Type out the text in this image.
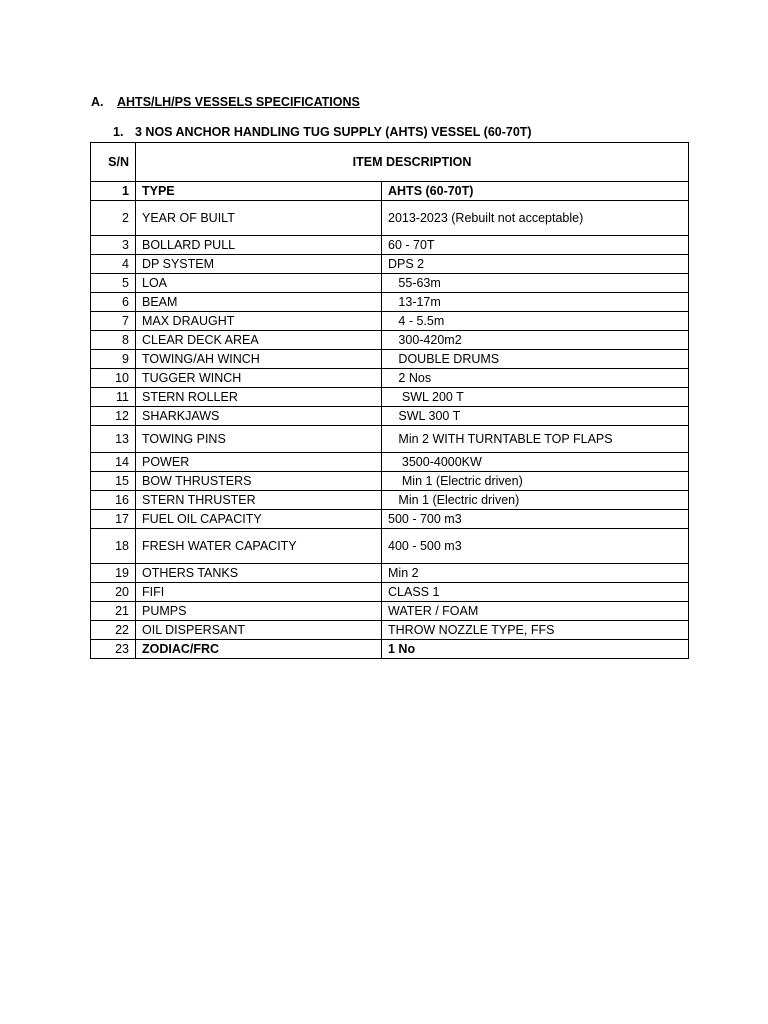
A. AHTS/LH/PS VESSELS SPECIFICATIONS
1. 3 NOS ANCHOR HANDLING TUG SUPPLY (AHTS) VESSEL (60-70T)
S/N	ITEM DESCRIPTION	
1	TYPE	AHTS (60-70T)
2	YEAR OF BUILT	2013-2023 (Rebuilt not acceptable)
3	BOLLARD PULL	60 - 70T
4	DP SYSTEM	DPS 2
5	LOA	55-63m
6	BEAM	13-17m
7	MAX DRAUGHT	4 - 5.5m
8	CLEAR DECK AREA	300-420m2
9	TOWING/AH WINCH	DOUBLE DRUMS
10	TUGGER WINCH	2 Nos
11	STERN ROLLER	SWL 200 T
12	SHARKJAWS	SWL 300 T
13	TOWING PINS	Min 2 WITH TURNTABLE TOP FLAPS
14	POWER	3500-4000KW
15	BOW THRUSTERS	Min 1 (Electric driven)
16	STERN THRUSTER	Min 1 (Electric driven)
17	FUEL OIL CAPACITY	500 - 700 m3
18	FRESH WATER CAPACITY	400 - 500 m3
19	OTHERS TANKS	Min 2
20	FIFI	CLASS 1
21	PUMPS	WATER / FOAM
22	OIL DISPERSANT	THROW NOZZLE TYPE, FFS
23	ZODIAC/FRC	1 No
